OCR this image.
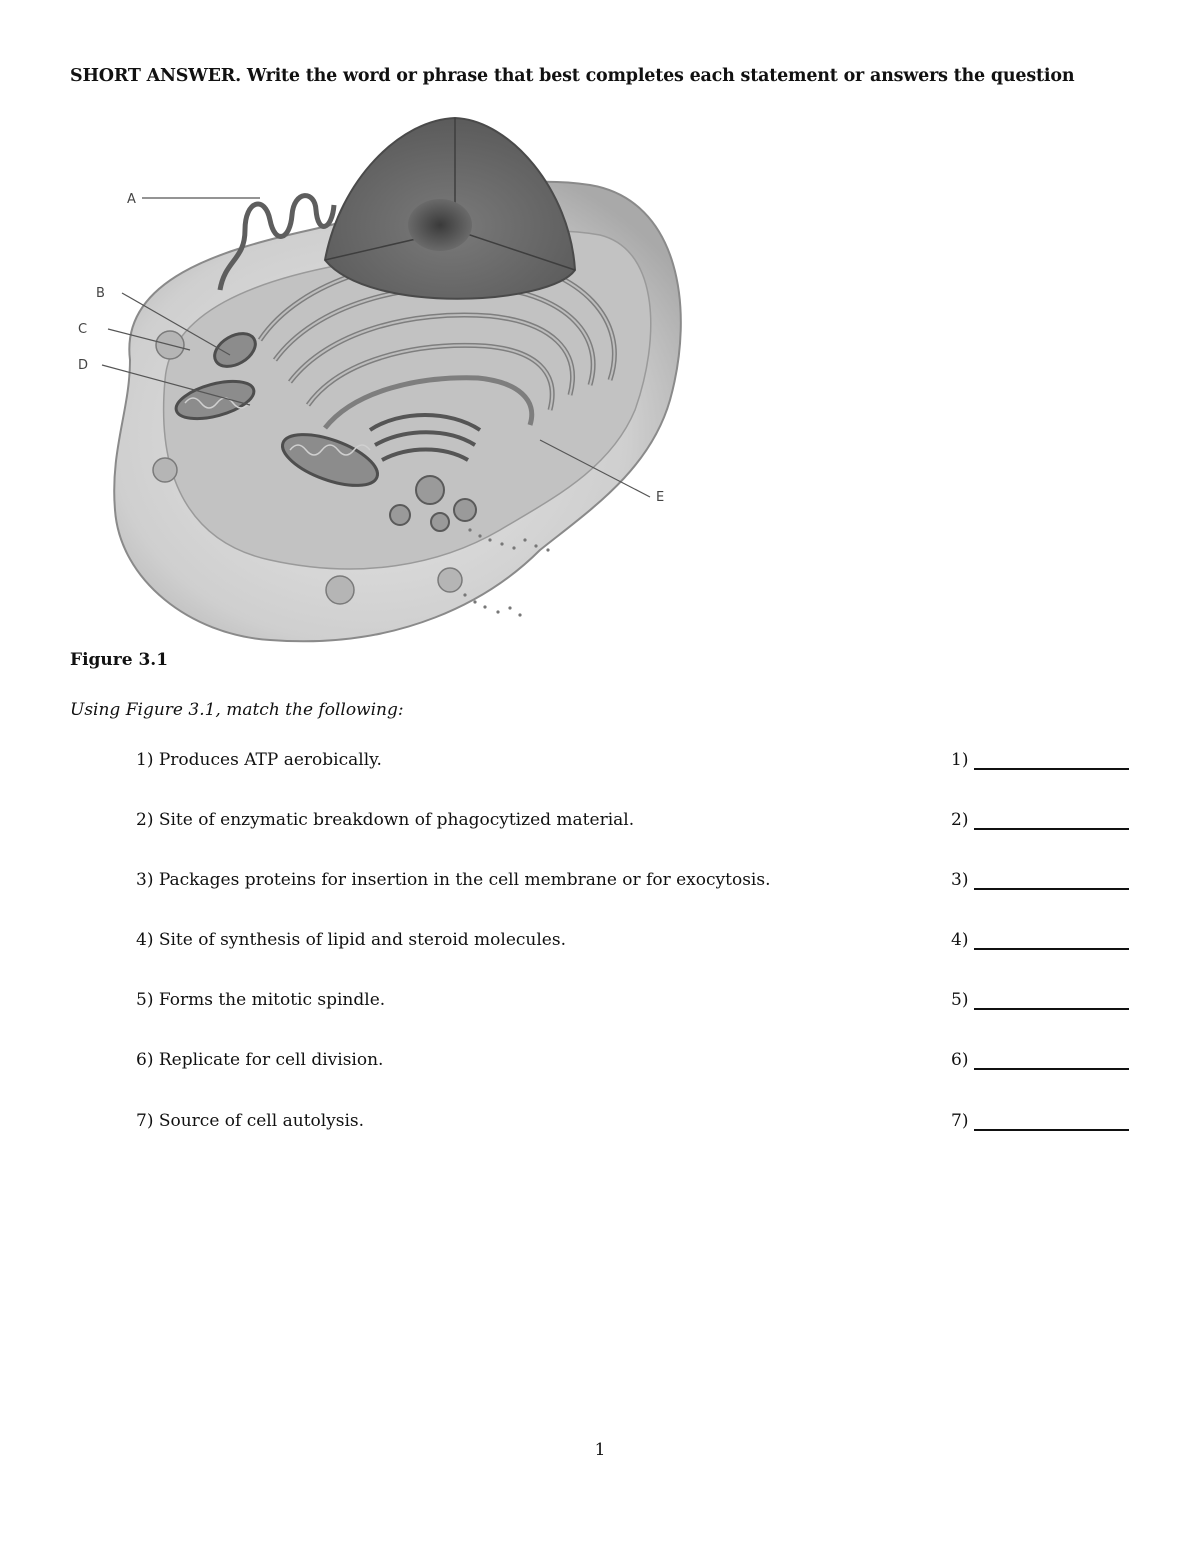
SHORT ANSWER. Write the word or phrase that best completes each statement or answers the question
A
B
C
D
E
Figure 3.1
Using Figure 3.1, match the following:
1) Produces ATP aerobically.	1)
2) Site of enzymatic breakdown of phagocytized material.	2)
3) Packages proteins for insertion in the cell membrane or for exocytosis.	3)
4) Site of synthesis of lipid and steroid molecules.	4)
5) Forms the mitotic spindle.	5)
6) Replicate for cell division.	6)
7) Source of cell autolysis.	7)
1
